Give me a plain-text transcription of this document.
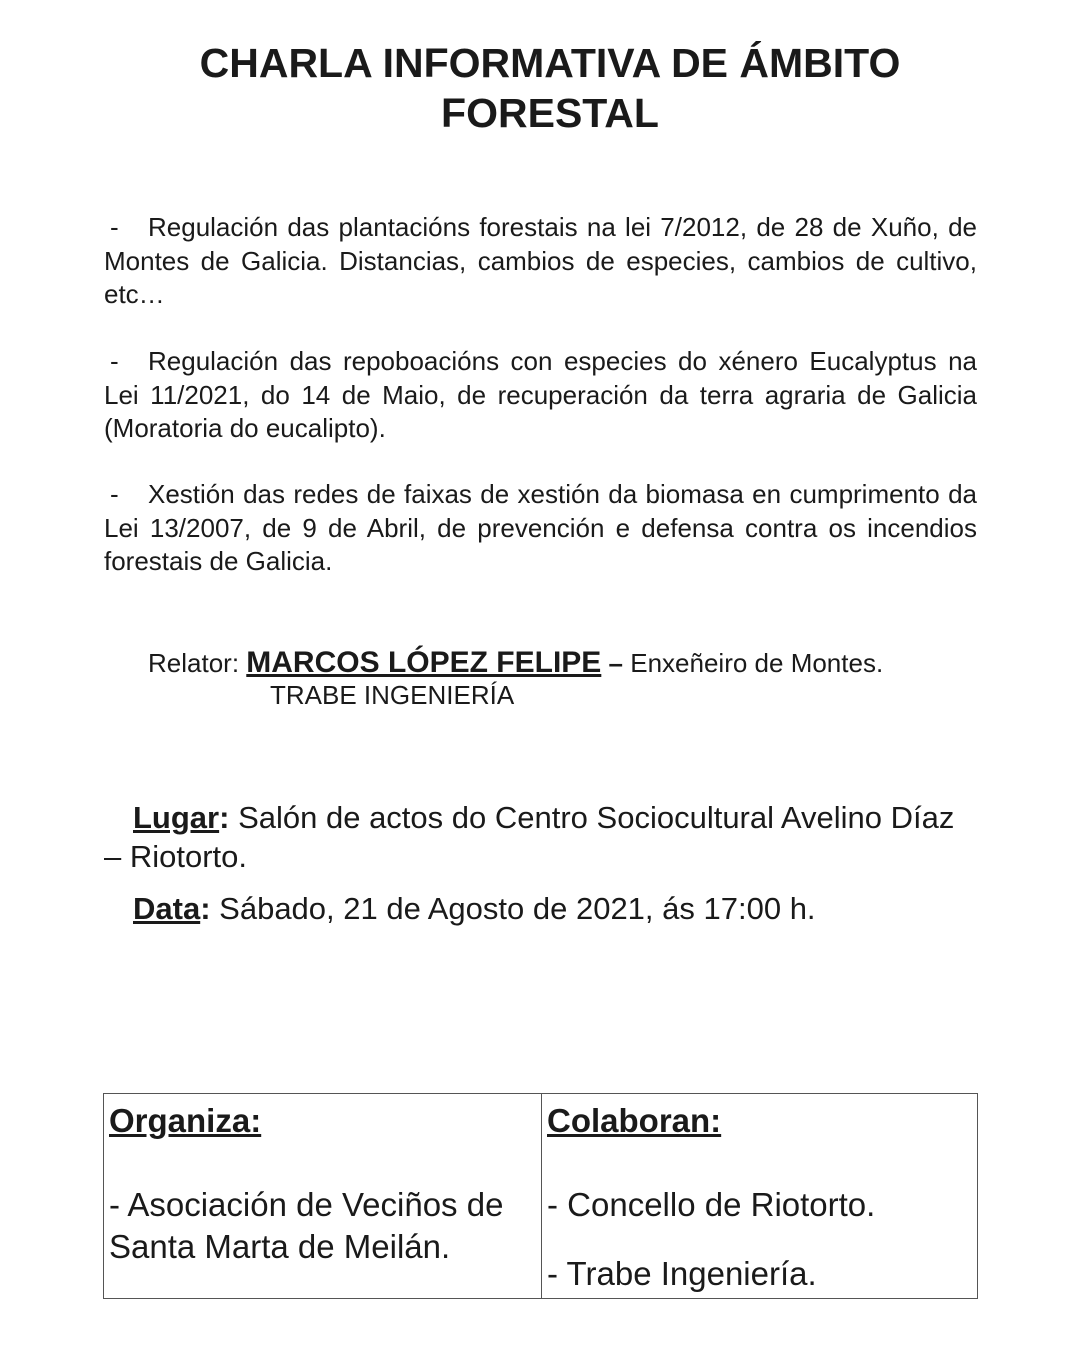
CHARLA INFORMATIVA DE ÁMBITO
FORESTAL

- Regulación das plantacións forestais na lei 7/2012, de 28 de Xuño, de Montes de Galicia. Distancias, cambios de especies, cambios de cultivo, etc…

- Regulación das repoboacións con especies do xénero Eucalyptus na Lei 11/2021, do 14 de Maio, de recuperación da terra agraria de Galicia (Moratoria do eucalipto).

- Xestión das redes de faixas de xestión da biomasa en cumprimento da Lei 13/2007, de 9 de Abril, de prevención e defensa contra os incendios forestais de Galicia.

Relator: MARCOS LÓPEZ FELIPE – Enxeñeiro de Montes.
TRABE INGENIERÍA

Lugar: Salón de actos do Centro Sociocultural Avelino Díaz – Riotorto.

Data: Sábado, 21 de Agosto de 2021, ás 17:00 h.

Organiza:
- Asociación de Veciños de Santa Marta de Meilán.

Colaboran:
- Concello de Riotorto.
- Trabe Ingeniería.
